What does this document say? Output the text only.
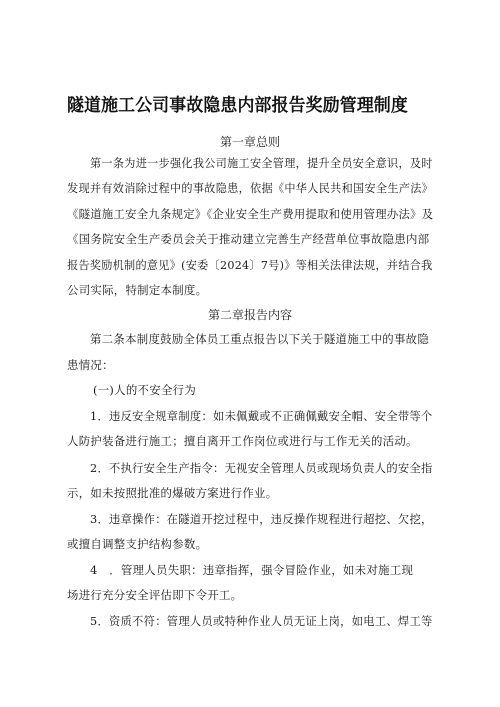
隧道施工公司事故隐患内部报告奖励管理制度
第一章总则
第一条为进一步强化我公司施工安全管理，提升全员安全意识，及时
发现并有效消除过程中的事故隐患，依据《中华人民共和国安全生产法》
《隧道施工安全九条规定》《企业安全生产费用提取和使用管理办法》及
《国务院安全生产委员会关于推动建立完善生产经营单位事故隐患内部
报告奖励机制的意见》(安委〔2024〕7号)》等相关法律法规，并结合我
公司实际，特制定本制度。
第二章报告内容
第二条本制度鼓励全体员工重点报告以下关于隧道施工中的事故隐
患情况：
(一)人的不安全行为
1．违反安全规章制度：如未佩戴或不正确佩戴安全帽、安全带等个
人防护装备进行施工；擅自离开工作岗位或进行与工作无关的活动。
2．不执行安全生产指令：无视安全管理人员或现场负责人的安全指
示，如未按照批准的爆破方案进行作业。
3．违章操作：在隧道开挖过程中，违反操作规程进行超挖、欠挖，
或擅自调整支护结构参数。
4　．管理人员失职：违章指挥，强令冒险作业，如未对施工现
场进行充分安全评估即下令开工。
5．资质不符：管理人员或特种作业人员无证上岗，如电工、焊工等
